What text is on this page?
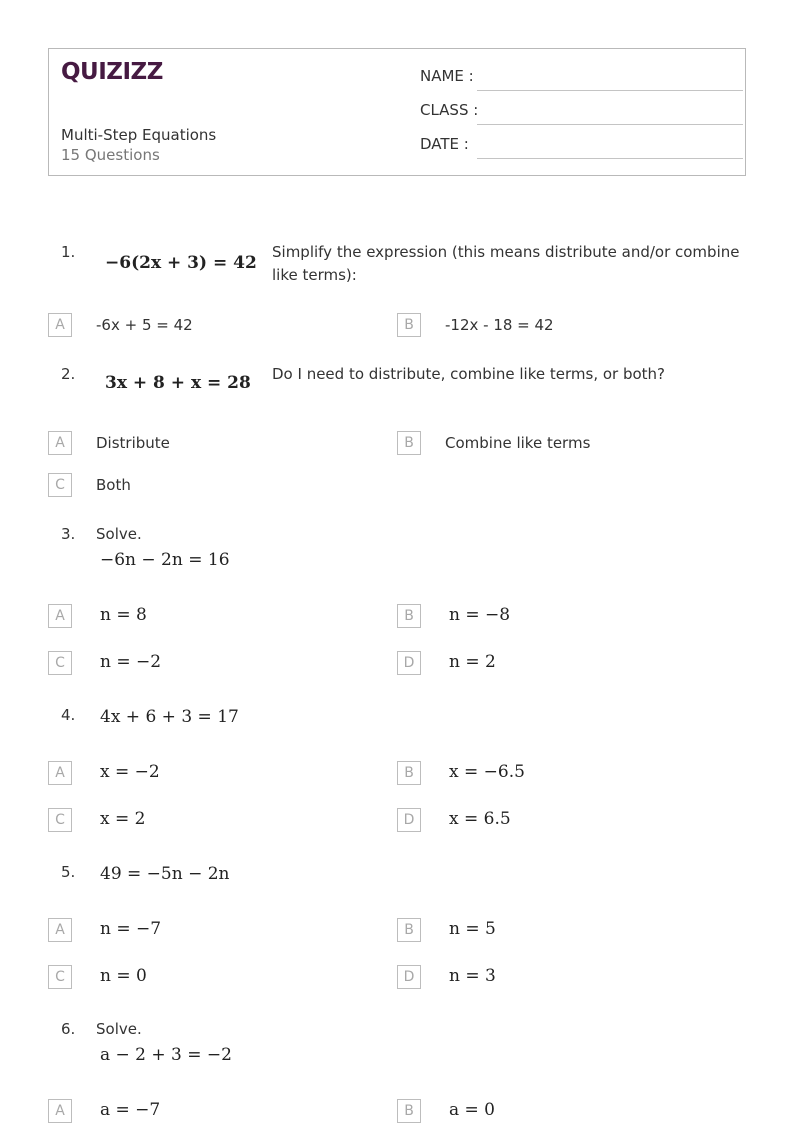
QUIZIZZ
Multi-Step Equations
15 Questions
NAME :
CLASS :
DATE :
1.
−6(2x + 3) = 42
Simplify the expression (this means distribute and/or combine like terms):
A	-6x + 5 = 42	B	-12x - 18 = 42
2. 3x + 8 + x = 28 Do I need to distribute, combine like terms, or both?
A	Distribute	B	Combine like terms
C	Both
3. Solve.
−6n − 2n = 16
A	n = 8	B	n = −8
C	n = −2	D	n = 2
4. 4x + 6 + 3 = 17
A	x = −2	B	x = −6.5
C	x = 2	D	x = 6.5
5. 49 = −5n − 2n
A	n = −7	B	n = 5
C	n = 0	D	n = 3
6. Solve.
a − 2 + 3 = −2
A	a = −7	B	a = 0
